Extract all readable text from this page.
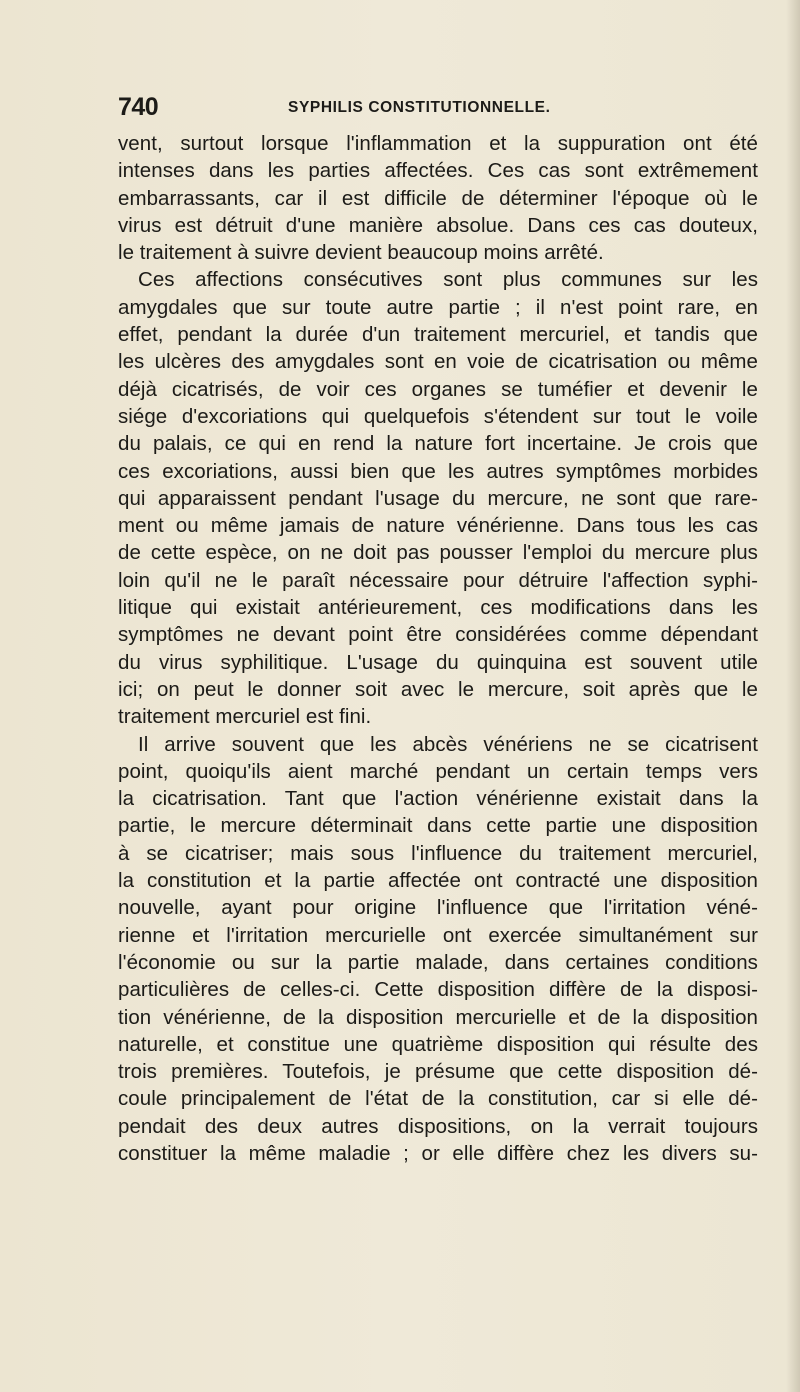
740	SYPHILIS CONSTITUTIONNELLE.
vent, surtout lorsque l'inflammation et la suppuration ont été
intenses dans les parties affectées. Ces cas sont extrêmement
embarrassants, car il est difficile de déterminer l'époque où le
virus est détruit d'une manière absolue. Dans ces cas douteux,
le traitement à suivre devient beaucoup moins arrêté.
Ces affections consécutives sont plus communes sur les
amygdales que sur toute autre partie ; il n'est point rare, en
effet, pendant la durée d'un traitement mercuriel, et tandis que
les ulcères des amygdales sont en voie de cicatrisation ou même
déjà cicatrisés, de voir ces organes se tuméfier et devenir le
siége d'excoriations qui quelquefois s'étendent sur tout le voile
du palais, ce qui en rend la nature fort incertaine. Je crois que
ces excoriations, aussi bien que les autres symptômes morbides
qui apparaissent pendant l'usage du mercure, ne sont que rare-
ment ou même jamais de nature vénérienne. Dans tous les cas
de cette espèce, on ne doit pas pousser l'emploi du mercure plus
loin qu'il ne le paraît nécessaire pour détruire l'affection syphi-
litique qui existait antérieurement, ces modifications dans les
symptômes ne devant point être considérées comme dépendant
du virus syphilitique. L'usage du quinquina est souvent utile
ici; on peut le donner soit avec le mercure, soit après que le
traitement mercuriel est fini.
Il arrive souvent que les abcès vénériens ne se cicatrisent
point, quoiqu'ils aient marché pendant un certain temps vers
la cicatrisation. Tant que l'action vénérienne existait dans la
partie, le mercure déterminait dans cette partie une disposition
à se cicatriser; mais sous l'influence du traitement mercuriel,
la constitution et la partie affectée ont contracté une disposition
nouvelle, ayant pour origine l'influence que l'irritation véné-
rienne et l'irritation mercurielle ont exercée simultanément sur
l'économie ou sur la partie malade, dans certaines conditions
particulières de celles-ci. Cette disposition diffère de la disposi-
tion vénérienne, de la disposition mercurielle et de la disposition
naturelle, et constitue une quatrième disposition qui résulte des
trois premières. Toutefois, je présume que cette disposition dé-
coule principalement de l'état de la constitution, car si elle dé-
pendait des deux autres dispositions, on la verrait toujours
constituer la même maladie ; or elle diffère chez les divers su-
